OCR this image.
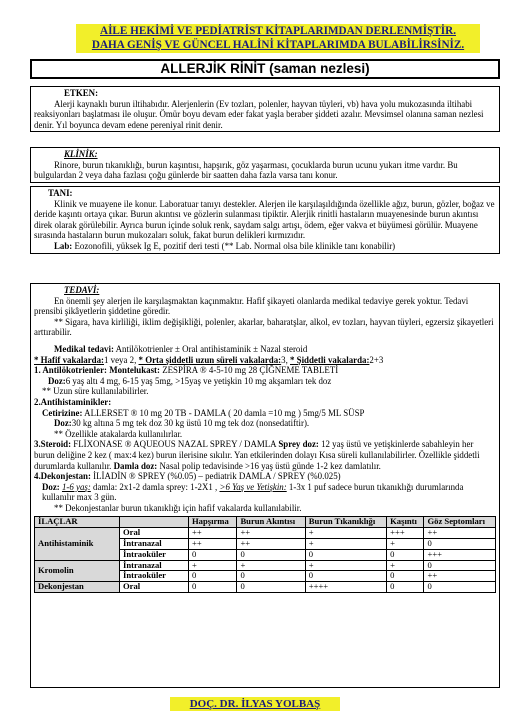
AİLE HEKİMİ VE PEDİATRİST KİTAPLARIMDAN DERLENMİŞTİR.
DAHA GENİŞ VE GÜNCEL HALİNİ KİTAPLARIMDA BULABİLİRSİNİZ.
ALLERJİK RİNİT (saman nezlesi)
ETKEN:
Alerji kaynaklı burun iltihabıdır. Alerjenlerin (Ev tozları, polenler, hayvan tüyleri, vb) hava yolu mukozasında iltihabi reaksiyonları başlatması ile oluşur. Ömür boyu devam eder fakat yaşla beraber şiddeti azalır. Mevsimsel olanına saman nezlesi denir. Yıl boyunca devam edene pereniyal rinit denir.
KLİNİK:
Rinore, burun tıkanıklığı, burun kaşıntısı, hapşırık, göz yaşarması, çocuklarda burun ucunu yukarı itme vardır. Bu bulgulardan 2 veya daha fazlası çoğu günlerde bir saatten daha fazla varsa tanı konur.
TANI:
Klinik ve muayene ile konur. Laboratuar tanıyı destekler. Alerjen ile karşılaşıldığında özellikle ağız, burun, gözler, boğaz ve deride kaşıntı ortaya çıkar. Burun akıntısı ve gözlerin sulanması tipiktir. Alerjik rinitli hastaların muayenesinde burun akıntısı direk olarak görülebilir. Ayrıca burun içinde soluk renk, saydam salgı artışı, ödem, eğer vakva et büyümesi görülür. Muayene sırasında hastaların burun mukozaları soluk, fakat burun delikleri kırmızıdır.
Lab: Eozonofili, yüksek Ig E, pozitif deri testi (** Lab. Normal olsa bile klinikle tanı konabilir)
TEDAVİ:
En önemli şey alerjen ile karşılaşmaktan kaçınmaktır. Hafif şikayeti olanlarda medikal tedaviye gerek yoktur. Tedavi prensibi şikâyetlerin şiddetine göredir.
** Sigara, hava kirliliği, iklim değişikliği, polenler, akarlar, baharatşlar, alkol, ev tozları, hayvan tüyleri, egzersiz şikayetleri arttırabilir.
Medikal tedavi: Antilökotrienler ± Oral antihistaminik ± Nazal steroid
* Hafif vakalarda:1 veya 2, * Orta şiddetli uzun süreli vakalarda:3, * Şiddetli vakalarda:2+3
1. Antilökotrienler: Montelukast: ZESPİRA ® 4-5-10 mg 28 ÇİĞNEME TABLETİ
Doz:6 yaş altı 4 mg, 6-15 yaş 5mg, >15yaş ve yetişkin 10 mg akşamları tek doz
** Uzun süre kullanılabilirler.
2.Antihistaminikler:
Cetirizine: ALLERSET ® 10 mg 20 TB - DAMLA ( 20 damla =10 mg ) 5mg/5 ML SÜSP
Doz:30 kg altına 5 mg tek doz 30 kg üstü 10 mg tek doz (nonsedatiftir).
** Özellikle atakalarda kullanılırlar.
3.Steroid: FLİXONASE ® AQUEOUS NAZAL SPREY / DAMLA Sprey doz: 12 yaş üstü ve yetişkinlerde sabahleyin her burun deliğine 2 kez ( max:4 kez) burun ilerisine sıkılır. Yan etkilerinden dolayı Kısa süreli kullanılabilirler. Özellikle şiddetli durumlarda kullanılır. Damla doz: Nasal polip tedavisinde >16 yaş üstü günde 1-2 kez damlatılır.
4.Dekonjestan: İLİADİN ® SPREY (%0.05) – pediatrik DAMLA / SPREY (%0.025)
Doz: 1-6 yaş: damla: 2x1-2 damla sprey: 1-2X1 , >6 Yaş ve Yetişkin: 1-3x 1 puf sadece burun tıkanıklığı durumlarında kullanılır max 3 gün.
** Dekonjestanlar burun tıkanıklığı için hafif vakalarda kullanılabilir.
İLAÇLAR		Hapşırma	Burun Akıntısı	Burun Tıkanıklığı	Kaşıntı	Göz Septomları
Antihistaminik	Oral	++	++	+	+++	++
	İntranazal	++	++	+	+	0
	İntraoküler	0	0	0	0	+++
Kromolin	İntranazal	+	+	+	+	0
	İntraoküler	0	0	0	0	++
Dekonjestan	Oral	0	0	++++	0	0
DOÇ. DR. İLYAS YOLBAŞ
